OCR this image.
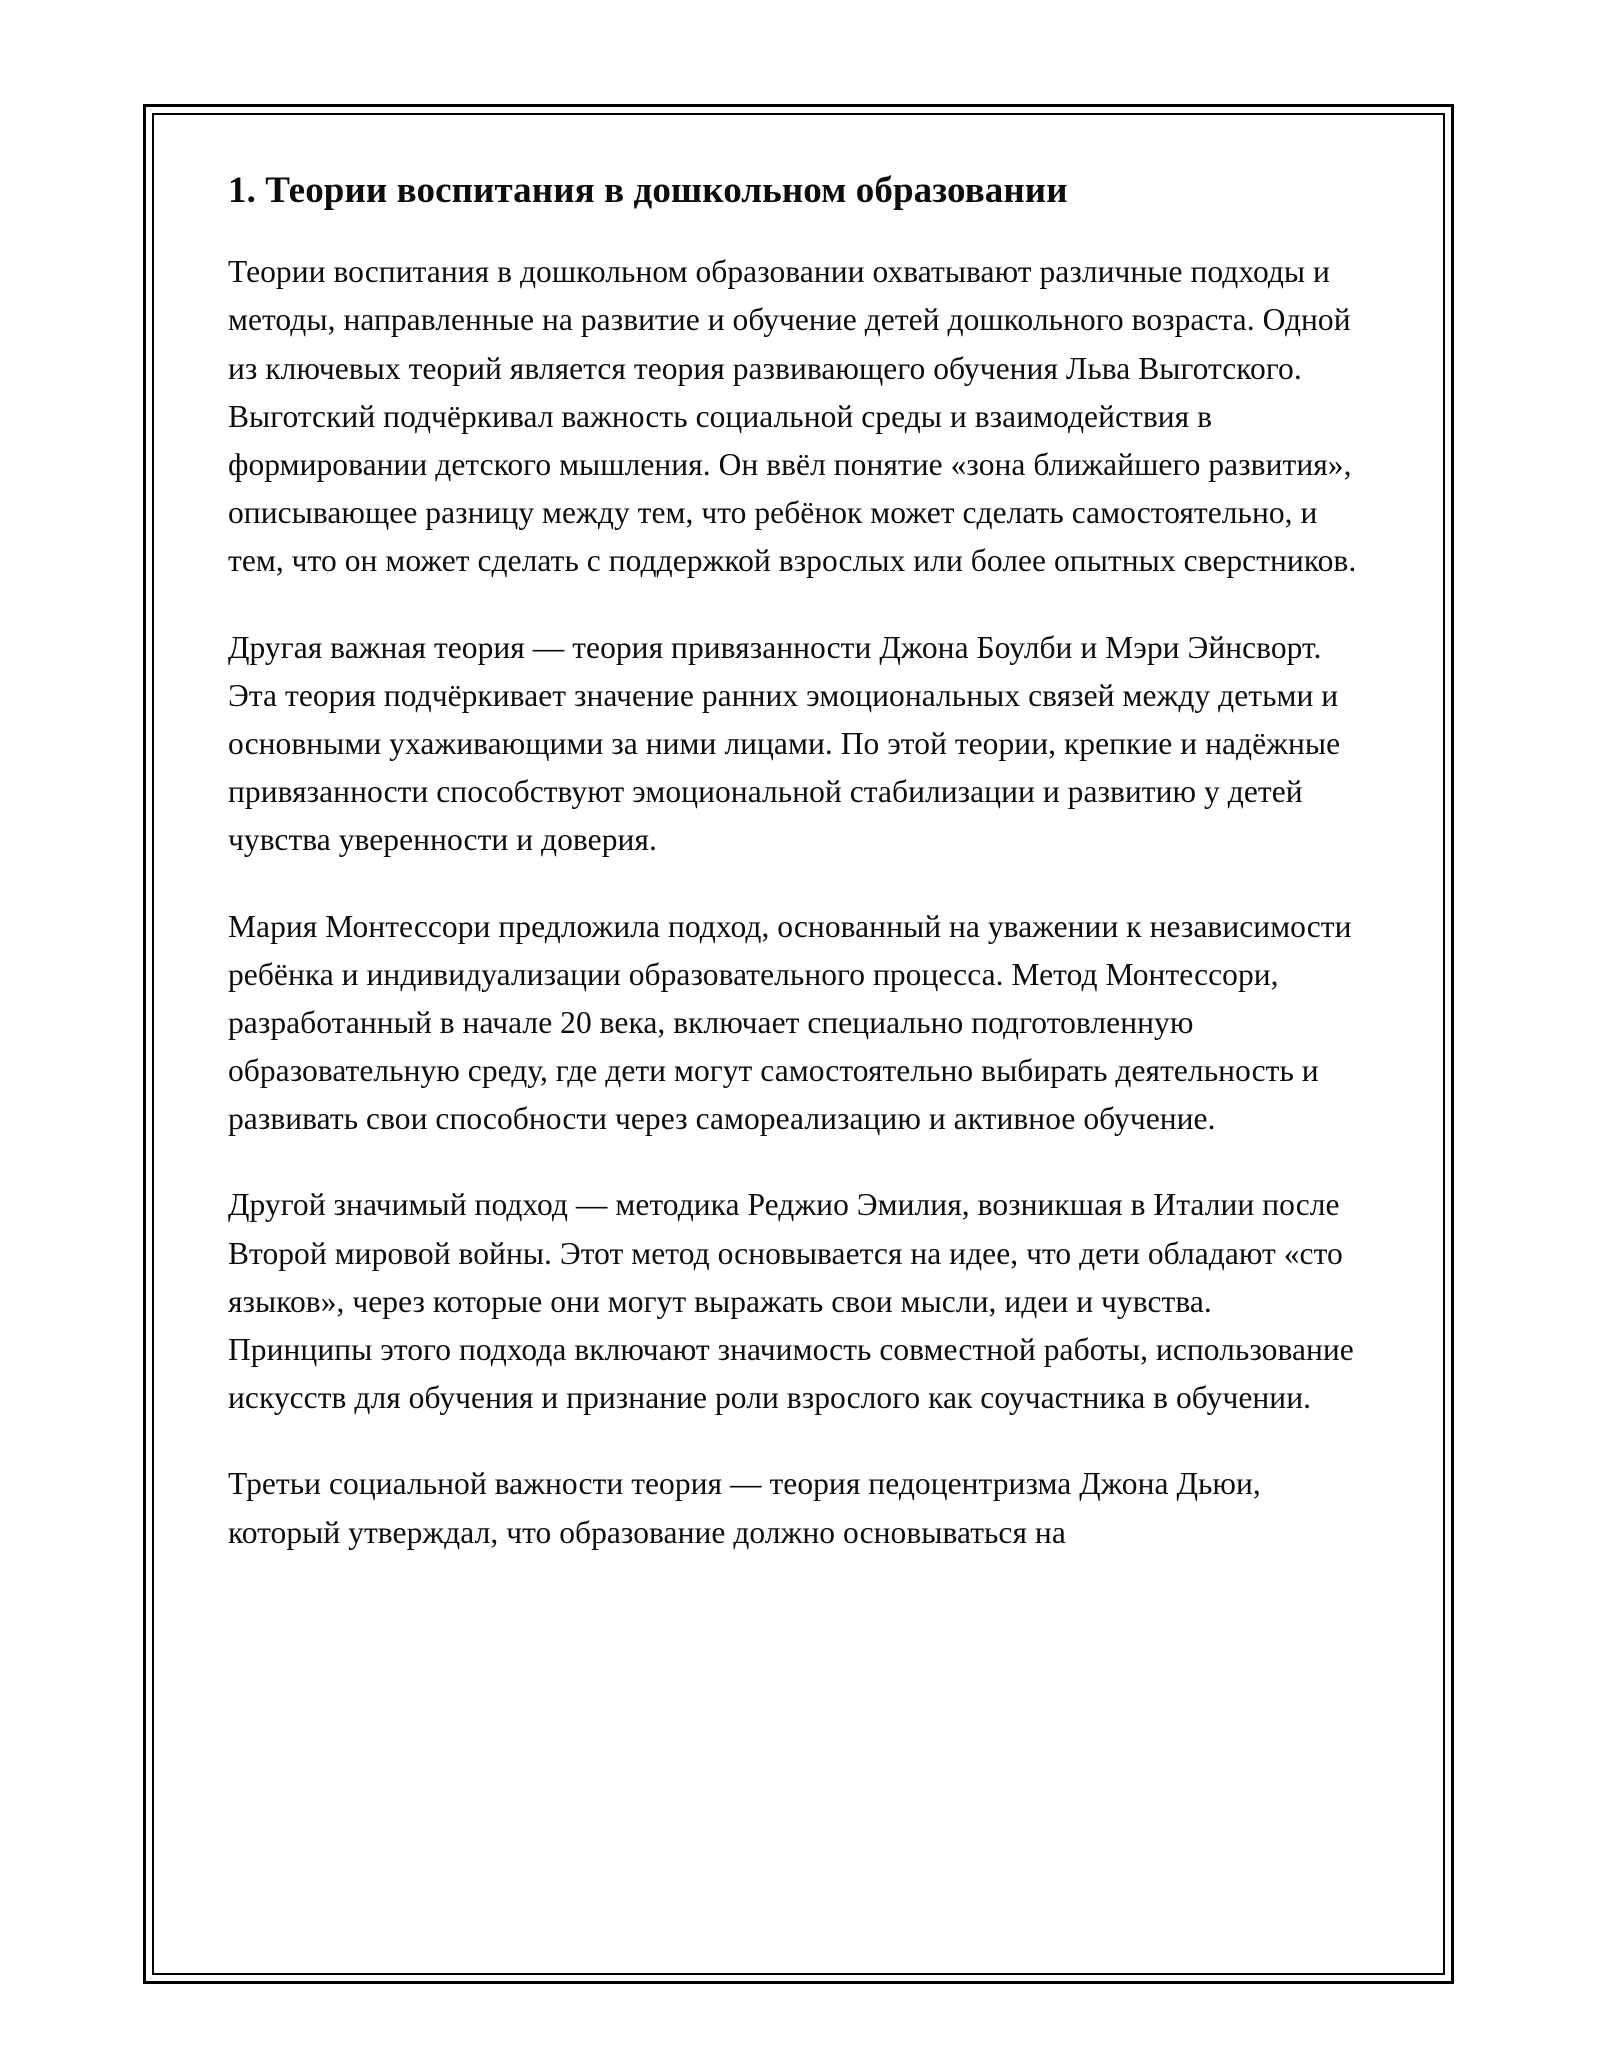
1. Теории воспитания в дошкольном образовании

Теории воспитания в дошкольном образовании охватывают различные подходы и методы, направленные на развитие и обучение детей дошкольного возраста. Одной из ключевых теорий является теория развивающего обучения Льва Выготского. Выготский подчёркивал важность социальной среды и взаимодействия в формировании детского мышления. Он ввёл понятие «зона ближайшего развития», описывающее разницу между тем, что ребёнок может сделать самостоятельно, и тем, что он может сделать с поддержкой взрослых или более опытных сверстников.

Другая важная теория — теория привязанности Джона Боулби и Мэри Эйнсворт. Эта теория подчёркивает значение ранних эмоциональных связей между детьми и основными ухаживающими за ними лицами. По этой теории, крепкие и надёжные привязанности способствуют эмоциональной стабилизации и развитию у детей чувства уверенности и доверия.

Мария Монтессори предложила подход, основанный на уважении к независимости ребёнка и индивидуализации образовательного процесса. Метод Монтессори, разработанный в начале 20 века, включает специально подготовленную образовательную среду, где дети могут самостоятельно выбирать деятельность и развивать свои способности через самореализацию и активное обучение.

Другой значимый подход — методика Реджио Эмилия, возникшая в Италии после Второй мировой войны. Этот метод основывается на идее, что дети обладают «сто языков», через которые они могут выражать свои мысли, идеи и чувства. Принципы этого подхода включают значимость совместной работы, использование искусств для обучения и признание роли взрослого как соучастника в обучении.

Третьи социальной важности теория — теория педоцентризма Джона Дьюи, который утверждал, что образование должно основываться на
